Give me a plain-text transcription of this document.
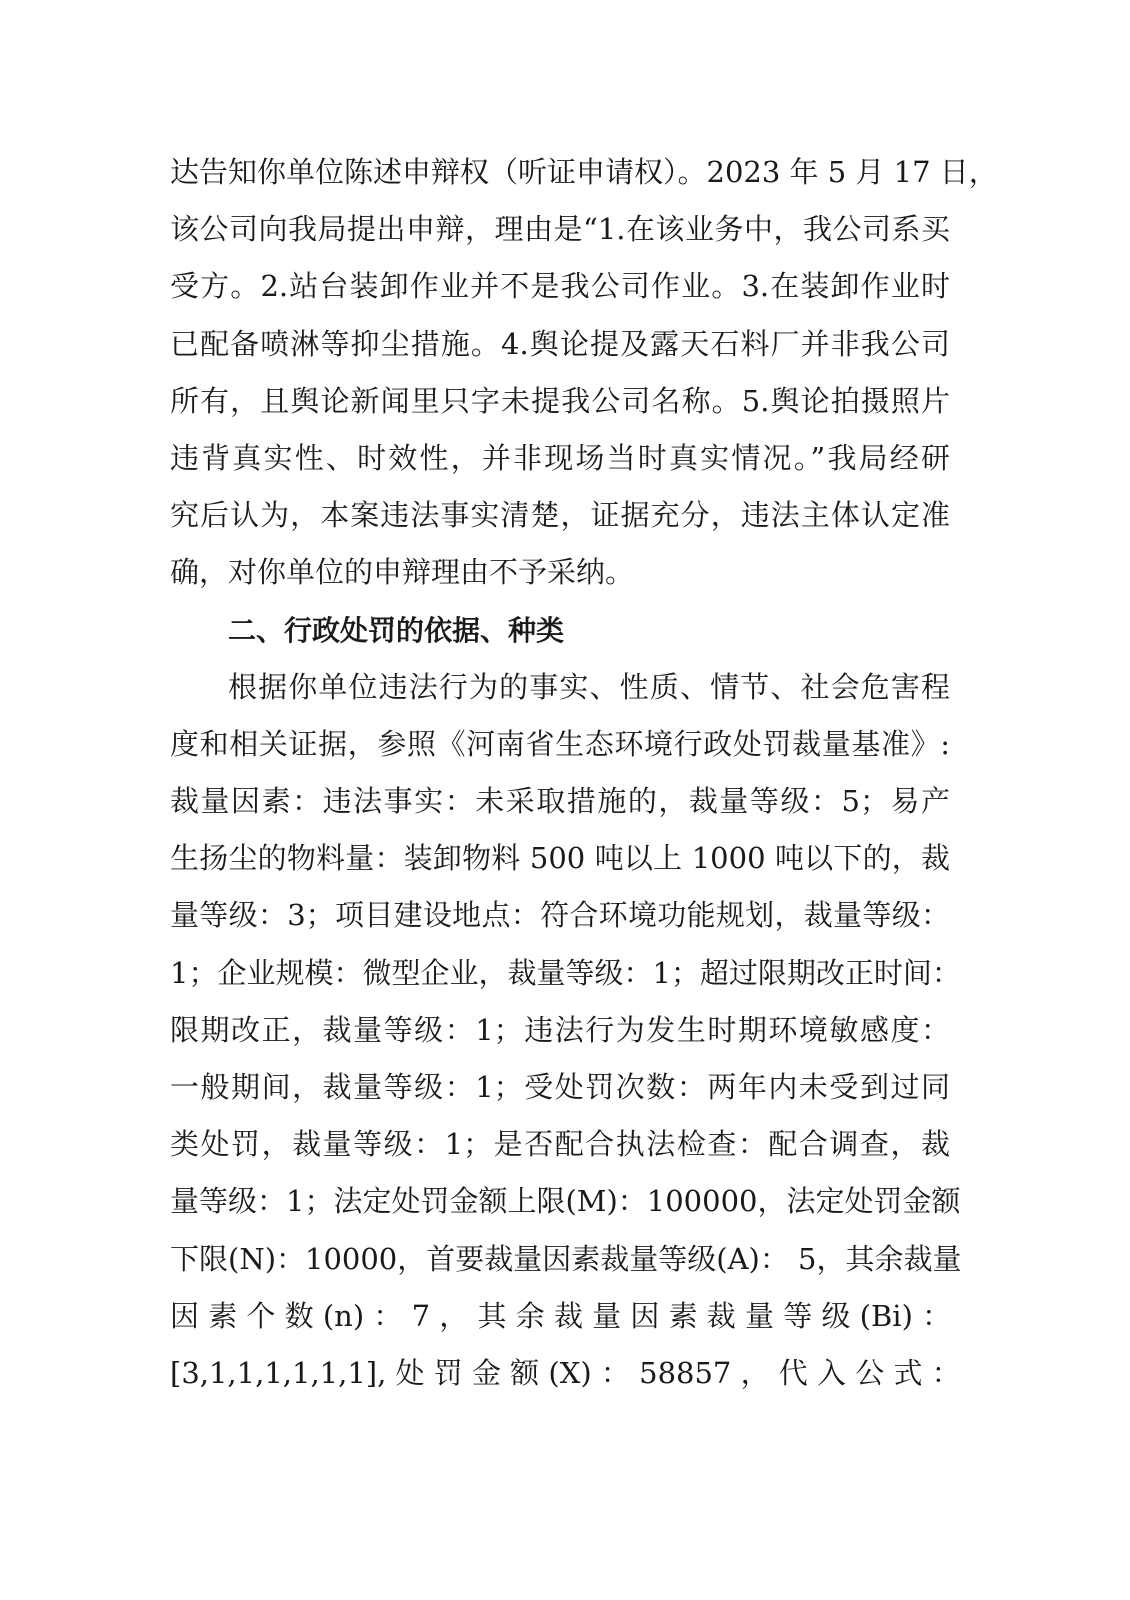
达告知你单位陈述申辩权（听证申请权）。2023 年 5 月 17 日，
该公司向我局提出申辩，理由是“1.在该业务中，我公司系买
受方。2.站台装卸作业并不是我公司作业。3.在装卸作业时
已配备喷淋等抑尘措施。4.舆论提及露天石料厂并非我公司
所有，且舆论新闻里只字未提我公司名称。5.舆论拍摄照片
违背真实性、时效性，并非现场当时真实情况。”我局经研
究后认为，本案违法事实清楚，证据充分，违法主体认定准
确，对你单位的申辩理由不予采纳。
二、行政处罚的依据、种类
根据你单位违法行为的事实、性质、情节、社会危害程
度和相关证据，参照《河南省生态环境行政处罚裁量基准》:
裁量因素：违法事实：未采取措施的，裁量等级：5；易产
生扬尘的物料量：装卸物料 500 吨以上 1000 吨以下的，裁
量等级：3；项目建设地点：符合环境功能规划，裁量等级：
1；企业规模：微型企业，裁量等级：1；超过限期改正时间：
限期改正，裁量等级：1；违法行为发生时期环境敏感度：
一般期间，裁量等级：1；受处罚次数：两年内未受到过同
类处罚，裁量等级：1；是否配合执法检查：配合调查，裁
量等级：1；法定处罚金额上限(M)：100000，法定处罚金额
下限(N)：10000，首要裁量因素裁量等级(A)： 5，其余裁量
因 素 个 数 (n) ： 7 ， 其 余 裁 量 因 素 裁 量 等 级 (Bi) ：
[3,1,1,1,1,1,1], 处 罚 金 额 (X) ： 58857 ， 代 入 公 式 ：
